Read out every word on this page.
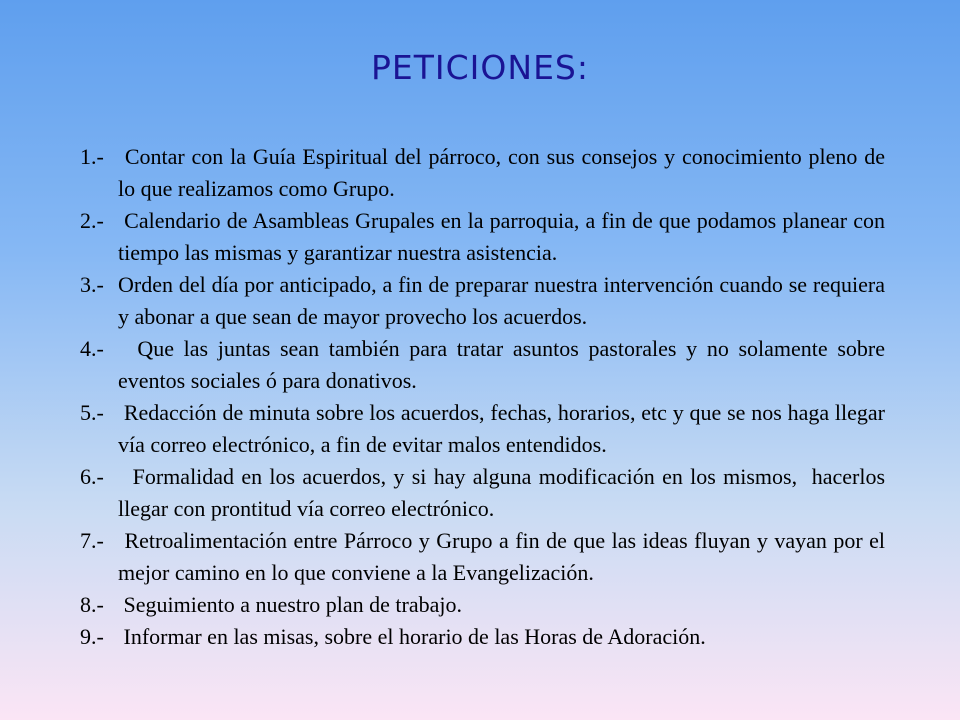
PETICIONES:
1.- Contar con la Guía Espiritual del párroco, con sus consejos y conocimiento pleno de lo que realizamos como Grupo.
2.- Calendario de Asambleas Grupales en la parroquia, a fin de que podamos planear con tiempo las mismas y garantizar nuestra asistencia.
3.- Orden del día por anticipado, a fin de preparar nuestra intervención cuando se requiera y abonar a que sean de mayor provecho los acuerdos.
4.- Que las juntas sean también para tratar asuntos pastorales y no solamente sobre eventos sociales ó para donativos.
5.- Redacción de minuta sobre los acuerdos, fechas, horarios, etc y que se nos haga llegar vía correo electrónico, a fin de evitar malos entendidos.
6.- Formalidad en los acuerdos, y si hay alguna modificación en los mismos,  hacerlos llegar con prontitud vía correo electrónico.
7.- Retroalimentación entre Párroco y Grupo a fin de que las ideas fluyan y vayan por el mejor camino en lo que conviene a la Evangelización.
8.- Seguimiento a nuestro plan de trabajo.
9.- Informar en las misas, sobre el horario de las Horas de Adoración.
